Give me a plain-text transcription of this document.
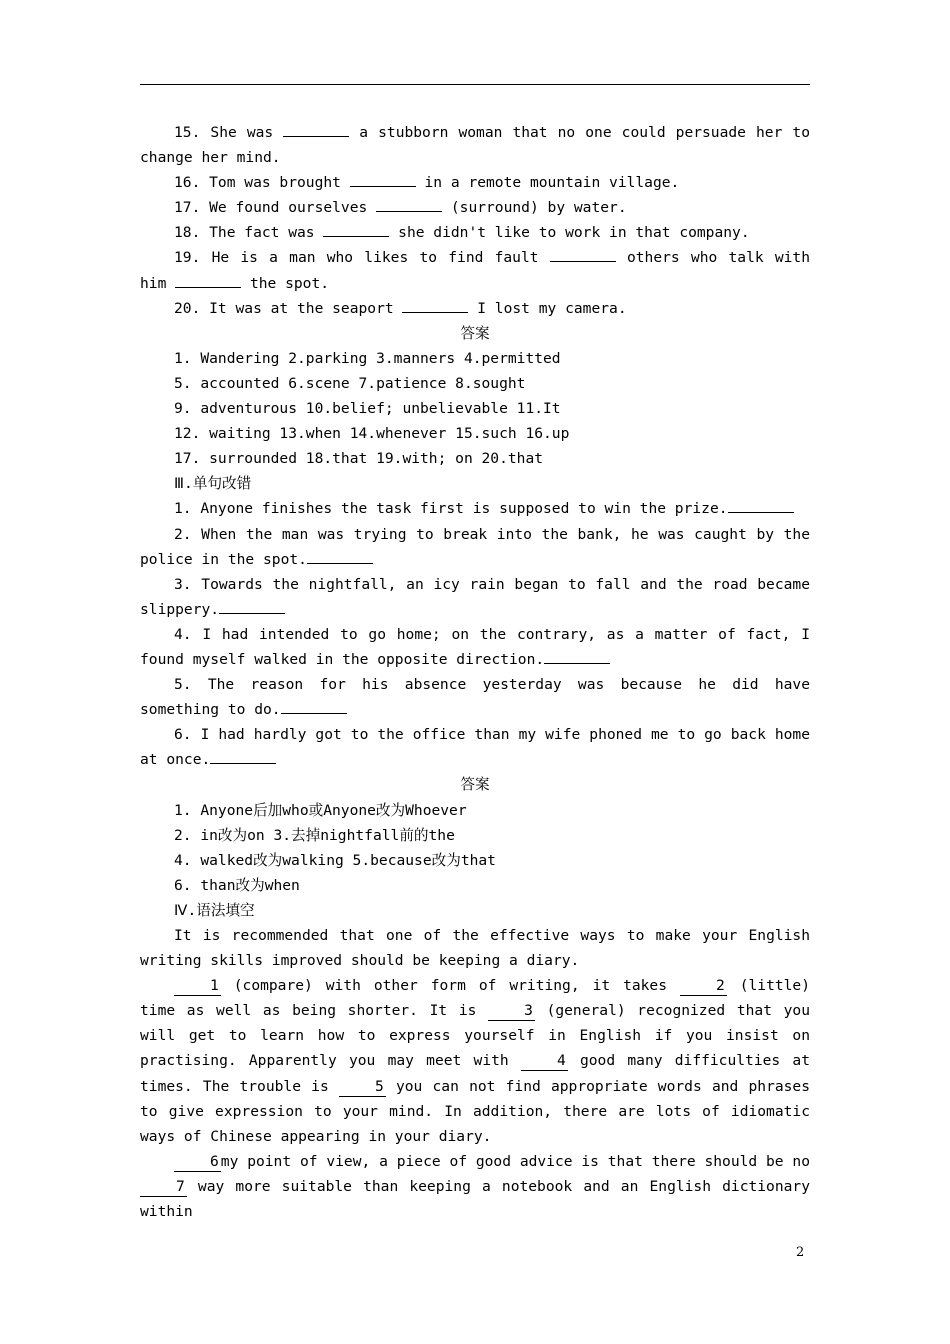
15. She was	a stubborn woman that no one could persuade her to change her mind.

16. Tom was brought	in a remote mountain village.

17. We found ourselves	(surround) by water.

18. The fact was	she didn't like to work in that company.

19. He is a man who likes to find fault	others who talk with him	the spot.

20. It was at the seaport	I lost my camera.

答案

1. Wandering 2.parking 3.manners 4.permitted

5. accounted 6.scene 7.patience 8.sought

9. adventurous 10.belief; unbelievable 11.It

12. waiting 13.when 14.whenever 15.such 16.up

17. surrounded 18.that 19.with; on 20.that

Ⅲ.单句改错

1. Anyone finishes the task first is supposed to win the prize.

2. When the man was trying to break into the bank, he was caught by the police in the spot.

3. Towards the nightfall, an icy rain began to fall and the road became slippery.

4. I had intended to go home; on the contrary, as a matter of fact, I found myself walked in the opposite direction.

5. The reason for his absence yesterday was because he did have something to do.

6. I had hardly got to the office than my wife phoned me to go back home at once.

答案

1. Anyone后加who或Anyone改为Whoever

2. in改为on 3.去掉nightfall前的the

4. walked改为walking 5.because改为that

6. than改为when

Ⅳ.语法填空

It is recommended that one of the effective ways to make your English writing skills improved should be keeping a diary.

1 (compare) with other form of writing, it takes 2 (little) time as well as being shorter. It is 3 (general) recognized that you will get to learn how to express yourself in English if you insist on practising. Apparently you may meet with 4 good many difficulties at times. The trouble is 5 you can not find appropriate words and phrases to give expression to your mind. In addition, there are lots of idiomatic ways of Chinese appearing in your diary.

6 my point of view, a piece of good advice is that there should be no 7 way more suitable than keeping a notebook and an English dictionary within

2
